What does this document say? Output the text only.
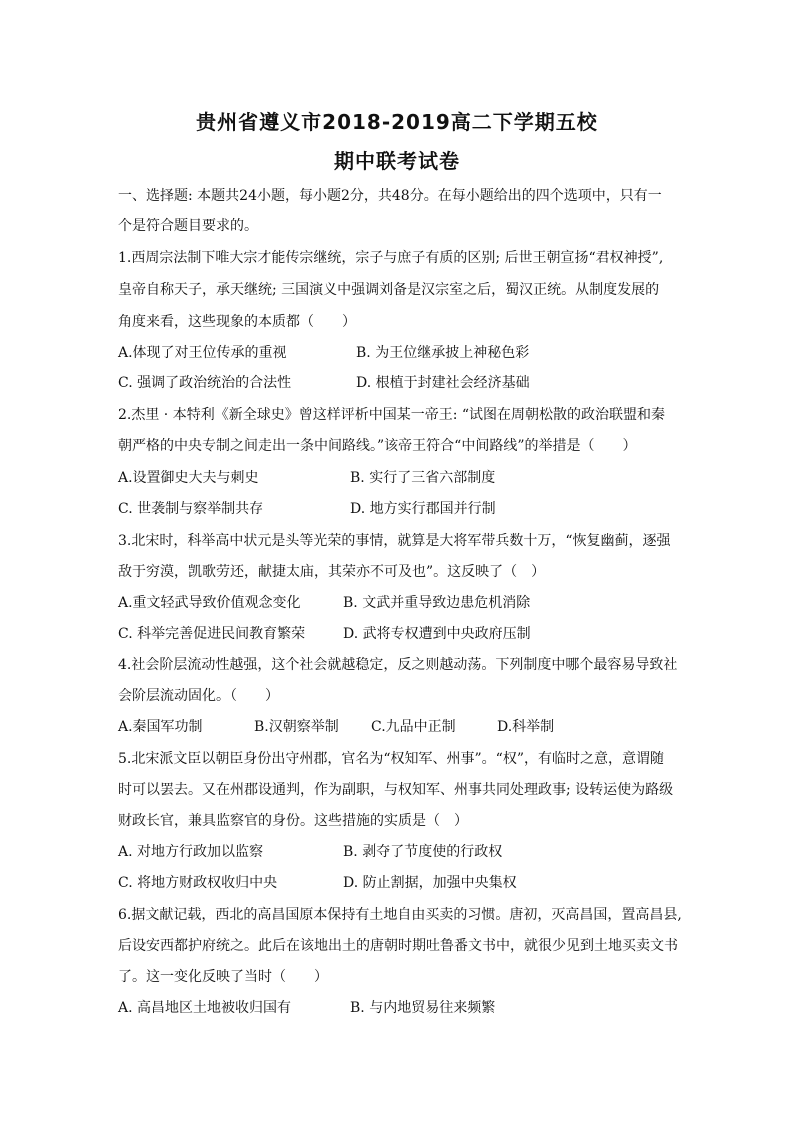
贵州省遵义市2018-2019高二下学期五校
期中联考试卷
一、选择题: 本题共24小题，每小题2分，共48分。在每小题给出的四个选项中，只有一
个是符合题目要求的。
1.西周宗法制下唯大宗才能传宗继统，宗子与庶子有质的区别; 后世王朝宣扬“君权神授”,
皇帝自称天子，承天继统; 三国演义中强调刘备是汉宗室之后，蜀汉正统。从制度发展的
角度来看，这些现象的本质都（　　）
A.体现了对王位传承的重视	B. 为王位继承披上神秘色彩
C. 强调了政治统治的合法性	D. 根植于封建社会经济基础
2.杰里 · 本特利《新全球史》曾这样评析中国某一帝王: “试图在周朝松散的政治联盟和秦
朝严格的中央专制之间走出一条中间路线。”该帝王符合“中间路线”的举措是（　　）
A.设置御史大夫与刺史	B. 实行了三省六部制度
C. 世袭制与察举制共存	D. 地方实行郡国并行制
3.北宋时，科举高中状元是头等光荣的事情，就算是大将军带兵数十万，“恢复幽蓟，逐强
敌于穷漠，凯歌劳还，献捷太庙，其荣亦不可及也”。这反映了（　）
A.重文轻武导致价值观念变化	B. 文武并重导致边患危机消除
C. 科举完善促进民间教育繁荣	D. 武将专权遭到中央政府压制
4.社会阶层流动性越强，这个社会就越稳定，反之则越动荡。下列制度中哪个最容易导致社
会阶层流动固化。（　　）
A.秦国军功制	B.汉朝察举制 C.九品中正制	D.科举制
5.北宋派文臣以朝臣身份出守州郡，官名为“权知军、州事”。“权”，有临时之意，意谓随
时可以罢去。又在州郡设通判，作为副职，与权知军、州事共同处理政事; 设转运使为路级
财政长官，兼具监察官的身份。这些措施的实质是（　）
A. 对地方行政加以监察	B. 剥夺了节度使的行政权
C. 将地方财政权收归中央	D. 防止割据，加强中央集权
6.据文献记载，西北的高昌国原本保持有土地自由买卖的习惯。唐初，灭高昌国，置高昌县,
后设安西都护府统之。此后在该地出土的唐朝时期吐鲁番文书中，就很少见到土地买卖文书
了。这一变化反映了当时（　　）
A. 高昌地区土地被收归国有	B. 与内地贸易往来频繁
